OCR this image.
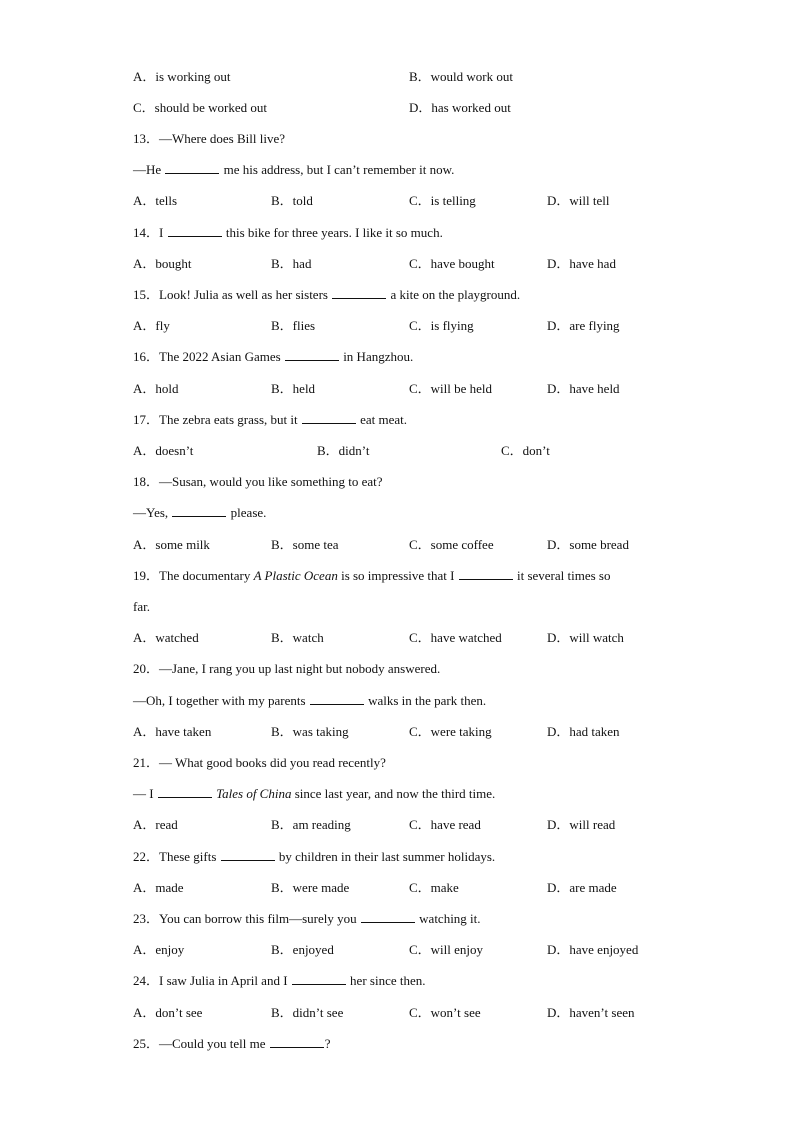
A．is working out	B．would work out
C．should be worked out	D．has worked out
13．—Where does Bill live?
—He	me his address, but I can’t remember it now.
A．tells	B．told	C．is telling	D．will tell
14．I	this bike for three years. I like it so much.
A．bought	B．had	C．have bought	D．have had
15．Look! Julia as well as her sisters	a kite on the playground.
A．fly	B．flies	C．is flying	D．are flying
16．The 2022 Asian Games	in Hangzhou.
A．hold	B．held	C．will be held	D．have held
17．The zebra eats grass, but it	eat meat.
A．doesn’t	B．didn’t	C．don’t
18．—Susan, would you like something to eat?
—Yes,	please.
A．some milk	B．some tea	C．some coffee	D．some bread
19．The documentary A Plastic Ocean is so impressive that I	it several times so
far.
A．watched	B．watch	C．have watched	D．will watch
20．—Jane, I rang you up last night but nobody answered.
—Oh, I together with my parents	walks in the park then.
A．have taken	B．was taking	C．were taking	D．had taken
21．— What good books did you read recently?
— I	Tales of China since last year, and now the third time.
A．read	B．am reading	C．have read	D．will read
22．These gifts	by children in their last summer holidays.
A．made	B．were made	C．make	D．are made
23．You can borrow this film—surely you	watching it.
A．enjoy	B．enjoyed	C．will enjoy	D．have enjoyed
24．I saw Julia in April and I	her since then.
A．don’t see	B．didn’t see	C．won’t see	D．haven’t seen
25．—Could you tell me	?
